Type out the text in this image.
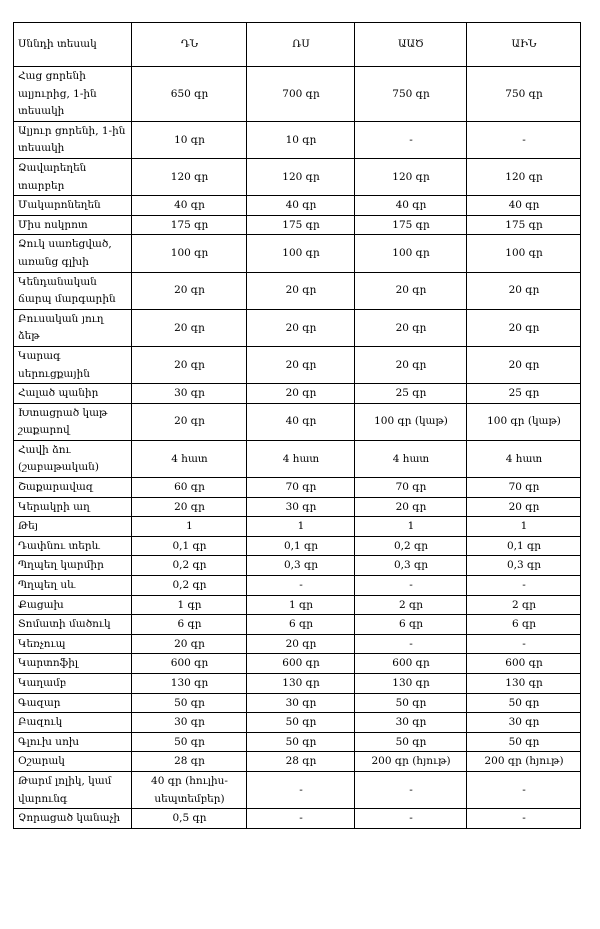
Սննդի տեսակ	ԴՆ	ՌՍ	ԱԱԾ	ԱԻՆ
Հաց ցորենի ալյուրից, 1-ին տեսակի	650 գր	700 գր	750 գր	750 գր
Ալյուր ցորենի, 1-ին տեսակի	10 գր	10 գր	-	-
Ձավարեղեն տարբեր	120 գր	120 գր	120 գր	120 գր
Մակարոնեղեն	40 գր	40 գր	40 գր	40 գր
Միս ոսկրոտ	175 գր	175 գր	175 գր	175 գր
Ձուկ սառեցված, առանց գլխի	100 գր	100 գր	100 գր	100 գր
Կենդանական ճարպ մարգարին	20 գր	20 գր	20 գր	20 գր
Բուսական յուղ ձեթ	20 գր	20 գր	20 գր	20 գր
Կարագ սերուցքային	20 գր	20 գր	20 գր	20 գր
Հալած պանիր	30 գր	20 գր	25 գր	25 գր
Խտացրած կաթ շաքարով	20 գր	40 գր	100 գր (կաթ)	100 գր (կաթ)
Հավի ձու (շաբաթական)	4 հատ	4 հատ	4 հատ	4 հատ
Շաքարավազ	60 գր	70 գր	70 գր	70 գր
Կերակրի աղ	20 գր	30 գր	20 գր	20 գր
Թեյ	1	1	1	1
Դափնու տերև	0,1 գր	0,1 գր	0,2 գր	0,1 գր
Պղպեղ կարմիր	0,2 գր	0,3 գր	0,3 գր	0,3 գր
Պղպեղ սև	0,2 գր	-	-	-
Քացախ	1 գր	1 գր	2 գր	2 գր
Տոմատի մածուկ	6 գր	6 գր	6 գր	6 գր
Կեռչուպ	20 գր	20 գր	-	-
Կարտոֆիլ	600 գր	600 գր	600 գր	600 գր
Կաղամբ	130 գր	130 գր	130 գր	130 գր
Գազար	50 գր	30 գր	50 գր	50 գր
Բազուկ	30 գր	50 գր	30 գր	30 գր
Գլուխ սոխ	50 գր	50 գր	50 գր	50 գր
Օշարակ	28 գր	28 գր	200 գր (հյութ)	200 գր (հյութ)
Թարմ լոլիկ, կամ վարունգ	40 գր (հուլիս-սեպտեմբեր)	-	-	-
Չորացած կանաչի	0,5 գր	-	-	-
